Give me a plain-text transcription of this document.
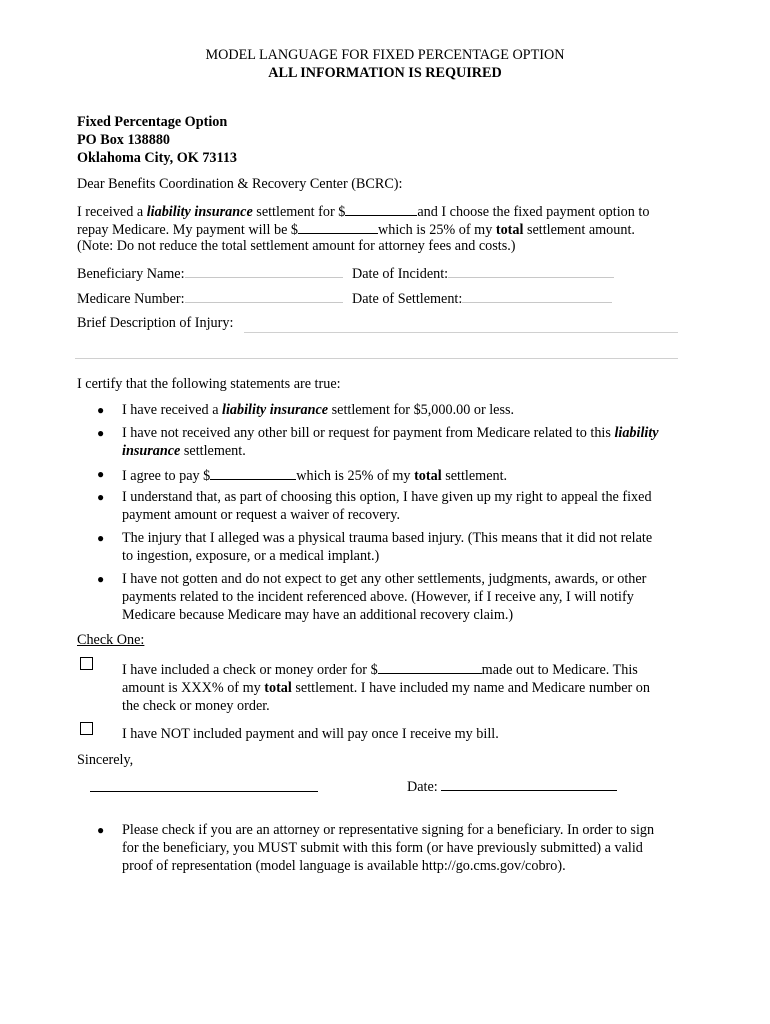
MODEL LANGUAGE FOR FIXED PERCENTAGE OPTION
ALL INFORMATION IS REQUIRED
Fixed Percentage Option
PO Box 138880
Oklahoma City, OK 73113
Dear Benefits Coordination & Recovery Center (BCRC):
I received a liability insurance settlement for $	and I choose the fixed payment option to
repay Medicare. My payment will be $	which is 25% of my total settlement amount.
(Note: Do not reduce the total settlement amount for attorney fees and costs.)
Beneficiary Name:	Date of Incident:
Medicare Number:	Date of Settlement:
Brief Description of Injury:
I certify that the following statements are true:
● I have received a liability insurance settlement for $5,000.00 or less.
● I have not received any other bill or request for payment from Medicare related to this liability
insurance settlement.
● I agree to pay $	which is 25% of my total settlement.
● I understand that, as part of choosing this option, I have given up my right to appeal the fixed
payment amount or request a waiver of recovery.
● The injury that I alleged was a physical trauma based injury. (This means that it did not relate
to ingestion, exposure, or a medical implant.)
● I have not gotten and do not expect to get any other settlements, judgments, awards, or other
payments related to the incident referenced above. (However, if I receive any, I will notify
Medicare because Medicare may have an additional recovery claim.)
Check One:
I have included a check or money order for $	made out to Medicare. This
amount is XXX% of my total settlement. I have included my name and Medicare number on
the check or money order.
I have NOT included payment and will pay once I receive my bill.
Sincerely,
Date:
● Please check if you are an attorney or representative signing for a beneficiary. In order to sign
for the beneficiary, you MUST submit with this form (or have previously submitted) a valid
proof of representation (model language is available http://go.cms.gov/cobro).
